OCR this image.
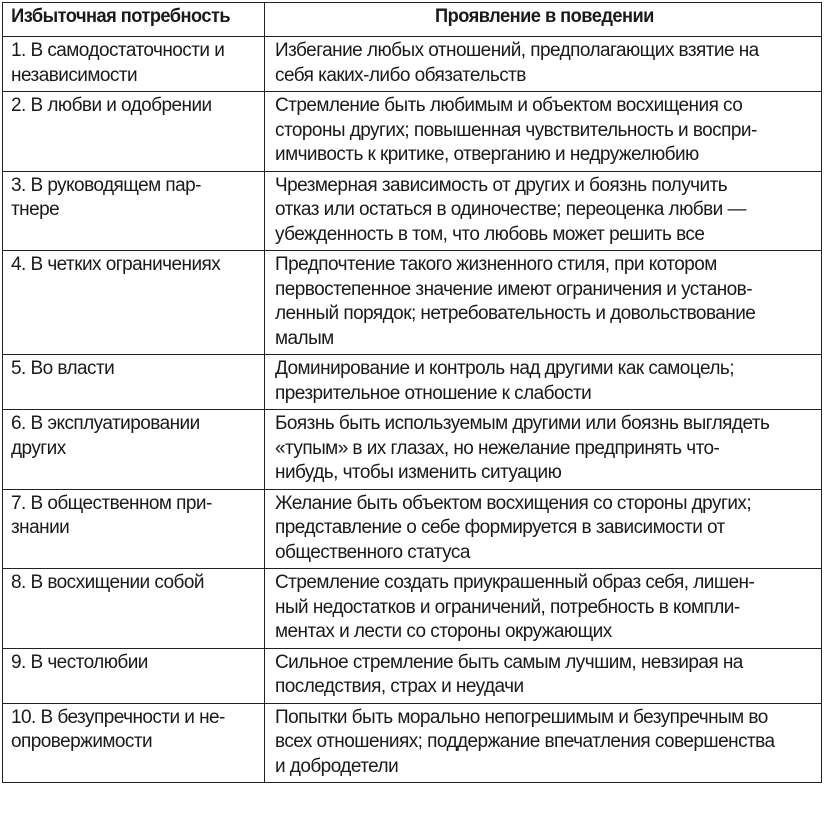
Избыточная потребность	Проявление в поведении
1. В самодостаточности и
независимости	Избегание любых отношений, предполагающих взятие на
себя каких-либо обязательств
2. В любви и одобрении	Стремление быть любимым и объектом восхищения со
стороны других; повышенная чувствительность и воспри-
имчивость к критике, отверганию и недружелюбию
3. В руководящем пар-
тнере	Чрезмерная зависимость от других и боязнь получить
отказ или остаться в одиночестве; переоценка любви —
убежденность в том, что любовь может решить все
4. В четких ограничениях	Предпочтение такого жизненного стиля, при котором
первостепенное значение имеют ограничения и установ-
ленный порядок; нетребовательность и довольствование
малым
5. Во власти	Доминирование и контроль над другими как самоцель;
презрительное отношение к слабости
6. В эксплуатировании
других	Боязнь быть используемым другими или боязнь выглядеть
«тупым» в их глазах, но нежелание предпринять что-
нибудь, чтобы изменить ситуацию
7. В общественном при-
знании	Желание быть объектом восхищения со стороны других;
представление о себе формируется в зависимости от
общественного статуса
8. В восхищении собой	Стремление создать приукрашенный образ себя, лишен-
ный недостатков и ограничений, потребность в компли-
ментах и лести со стороны окружающих
9. В честолюбии	Сильное стремление быть самым лучшим, невзирая на
последствия, страх и неудачи
10. В безупречности и не-
опровержимости	Попытки быть морально непогрешимым и безупречным во
всех отношениях; поддержание впечатления совершенства
и добродетели
